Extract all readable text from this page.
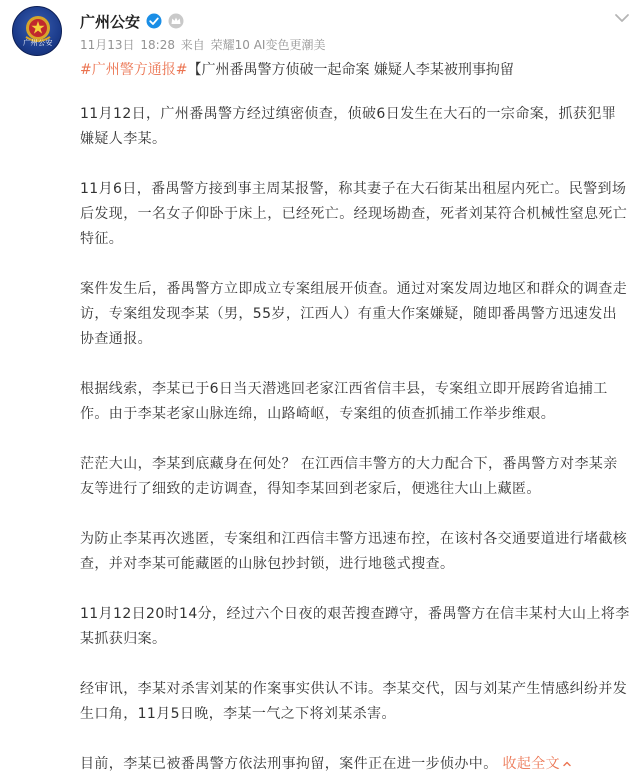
广州公安
广州公安
11月13日 18:28 来自 荣耀10 AI变色更潮美
#广州警方通报#【广州番禺警方侦破一起命案 嫌疑人李某被刑事拘留

11月12日，广州番禺警方经过缜密侦查，侦破6日发生在大石的一宗命案，抓获犯罪嫌疑人李某。

11月6日，番禺警方接到事主周某报警，称其妻子在大石街某出租屋内死亡。民警到场后发现，一名女子仰卧于床上，已经死亡。经现场勘查，死者刘某符合机械性窒息死亡特征。

案件发生后，番禺警方立即成立专案组展开侦查。通过对案发周边地区和群众的调查走访，专案组发现李某（男，55岁，江西人）有重大作案嫌疑，随即番禺警方迅速发出协查通报。

根据线索，李某已于6日当天潜逃回老家江西省信丰县，专案组立即开展跨省追捕工作。由于李某老家山脉连绵，山路崎岖，专案组的侦查抓捕工作举步维艰。

茫茫大山，李某到底藏身在何处？ 在江西信丰警方的大力配合下，番禺警方对李某亲友等进行了细致的走访调查，得知李某回到老家后，便逃往大山上藏匿。

为防止李某再次逃匿，专案组和江西信丰警方迅速布控，在该村各交通要道进行堵截核查，并对李某可能藏匿的山脉包抄封锁，进行地毯式搜查。

11月12日20时14分，经过六个日夜的艰苦搜查蹲守，番禺警方在信丰某村大山上将李某抓获归案。

经审讯，李某对杀害刘某的作案事实供认不讳。李某交代，因与刘某产生情感纠纷并发生口角，11月5日晚，李某一气之下将刘某杀害。

目前，李某已被番禺警方依法刑事拘留，案件正在进一步侦办中。 收起全文
